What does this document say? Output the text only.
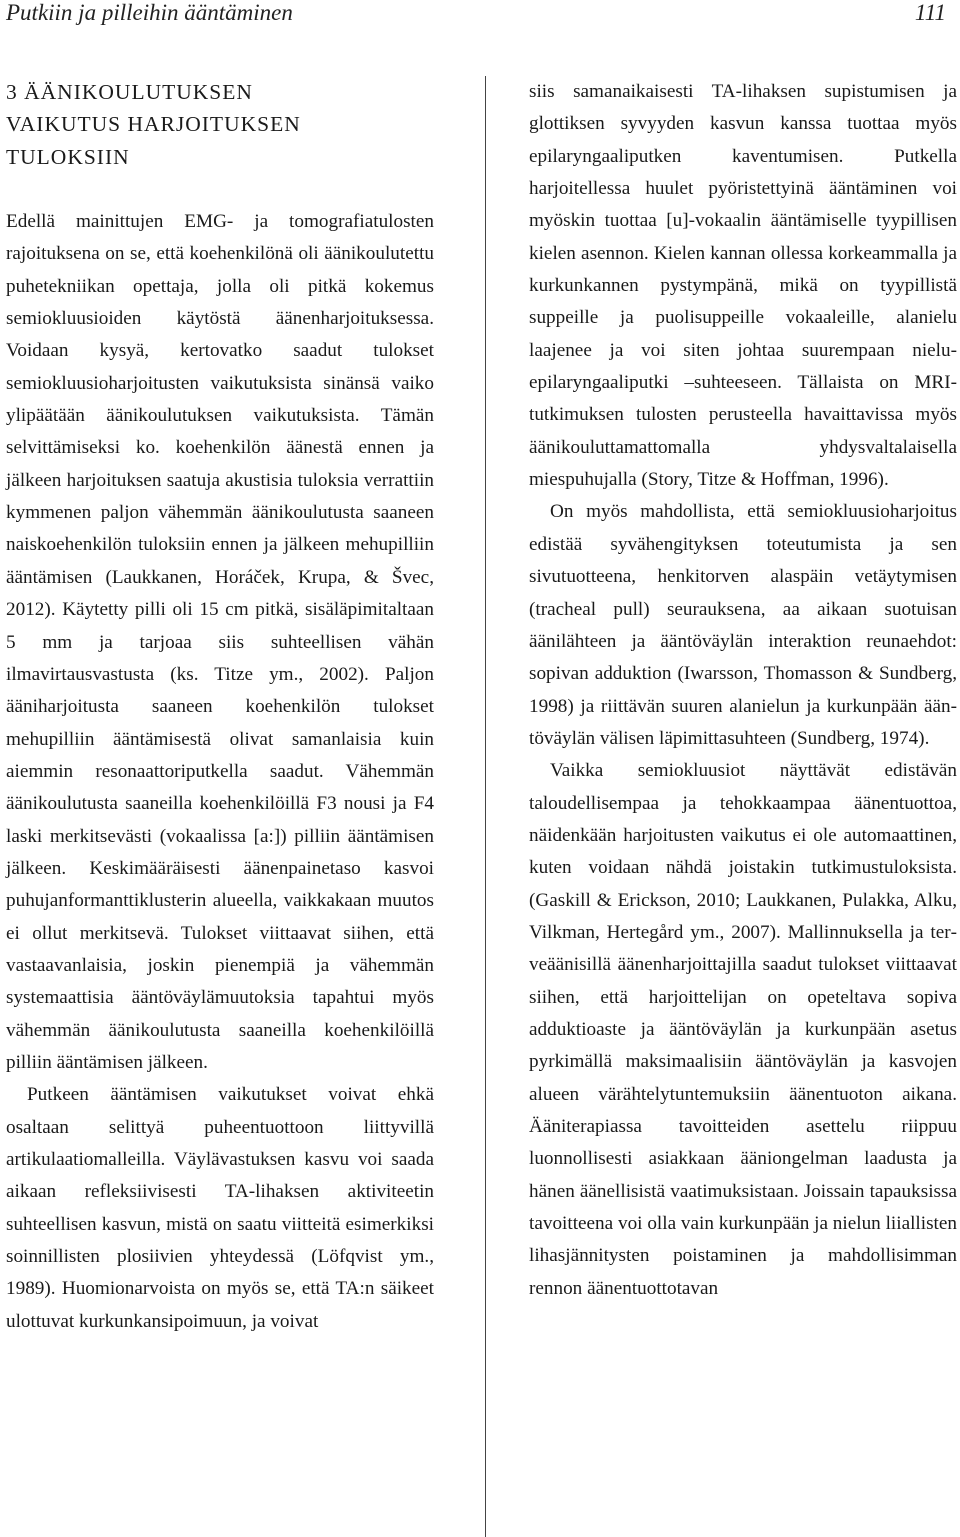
Putkiin ja pilleihin ääntäminen	111
3 ÄÄNIKOULUTUKSEN
VAIKUTUS HARJOITUKSEN
TULOKSIIN

Edellä mainittujen EMG- ja tomografiatulosten rajoituksena on se, että koehenkilönä oli äänikoulutettu puhetekniikan opettaja, jolla oli pitkä kokemus semiokluusioiden käytöstä äänenharjoituksessa. Voidaan kysyä, kertovatko saadut tulokset semiokluusioharjoitusten vaikutuksista sinänsä vaiko ylipäätään äänikoulutuksen vaikutuksista. Tämän selvittämiseksi ko. koehenkilön äänestä ennen ja jälkeen harjoituksen saatuja akustisia tuloksia verrattiin kymmenen paljon vähemmän äänikoulutusta saaneen naiskoehenkilön tuloksiin ennen ja jälkeen mehupilliin ääntämisen (Laukkanen, Horáček, Krupa, & Švec, 2012). Käytetty pilli oli 15 cm pitkä, sisäläpimitaltaan 5 mm ja tarjoaa siis suhteellisen vähän ilmavirtausvastusta (ks. Titze ym., 2002). Paljon ääniharjoitusta saaneen koehenkilön tulokset mehupilliin ääntämisestä olivat samanlaisia kuin aiemmin resonaattoriputkella saadut. Vähemmän äänikoulutusta saaneilla koehenkilöillä F3 nousi ja F4 laski merkitsevästi (vokaalissa [a:]) pilliin ääntämisen jälkeen. Keskimääräisesti äänenpainetaso kasvoi puhujanformanttiklusterin alueella, vaikkakaan muutos ei ollut merkitsevä. Tulokset viittaavat siihen, että vastaavanlaisia, joskin pienempiä ja vähemmän systemaattisia ääntöväylämuutoksia tapahtui myös vähemmän äänikoulutusta saaneilla koehenkilöillä pilliin ääntämisen jälkeen.

Putkeen ääntämisen vaikutukset voivat ehkä osaltaan selittyä puheentuottoon liittyvillä artikulaatiomalleilla. Väylävastuksen kasvu voi saada aikaan refleksiivisesti TA-lihaksen aktiviteetin suhteellisen kasvun, mistä on saatu viitteitä esimerkiksi soinnillisten plosiivien yhteydessä (Löfqvist ym., 1989). Huomionarvoista on myös se, että TA:n säikeet ulottuvat kurkunkansipoimuun, ja voivat

siis samanaikaisesti TA-lihaksen supistumisen ja glottiksen syvyyden kasvun kanssa tuottaa myös epilaryngaaliputken kaventumisen. Putkella harjoitellessa huulet pyöristettyinä ääntäminen voi myöskin tuottaa [u]-vokaalin ääntämiselle tyypillisen kielen asennon. Kielen kannan ollessa korkeammalla ja kurkunkannen pystympänä, mikä on tyypillistä suppeille ja puolisuppeille vokaaleille, alanielu laajenee ja voi siten johtaa suurempaan nielu-epilaryngaaliputki –suhteeseen. Tällaista on MRI-tutkimuksen tulosten perusteella havaittavissa myös äänikouluttamattomalla yhdysvaltalaisella miespuhujalla (Story, Titze & Hoffman, 1996).

On myös mahdollista, että semiokluusioharjoitus edistää syvähengityksen toteutumista ja sen sivutuotteena, henkitorven alaspäin vetäytymisen (tracheal pull) seurauksena, aa aikaan suotuisan äänilähteen ja ääntöväylän interaktion reunaehdot: sopivan adduktion (Iwarsson, Thomasson & Sundberg, 1998) ja riittävän suuren alanielun ja kurkunpään ääntöväylän välisen läpimittasuhteen (Sundberg, 1974).

Vaikka semiokluusiot näyttävät edistävän taloudellisempaa ja tehokkaampaa äänentuottoa, näidenkään harjoitusten vaikutus ei ole automaattinen, kuten voidaan nähdä joistakin tutkimustuloksista. (Gaskill & Erickson, 2010; Laukkanen, Pulakka, Alku, Vilkman, Hertegård ym., 2007). Mallinnuksella ja terveäänisillä äänenharjoittajilla saadut tulokset viittaavat siihen, että harjoittelijan on opeteltava sopiva adduktioaste ja ääntöväylän ja kurkunpään asetus pyrkimällä maksimaalisiin ääntöväylän ja kasvojen alueen värähtelytuntemuksiin äänentuoton aikana. Ääniterapiassa tavoitteiden asettelu riippuu luonnollisesti asiakkaan ääniongelman laadusta ja hänen äänellisistä vaatimuksistaan. Joissain tapauksissa tavoitteena voi olla vain kurkunpään ja nielun liiallisten lihasjännitysten poistaminen ja mahdollisimman rennon äänentuottotavan
